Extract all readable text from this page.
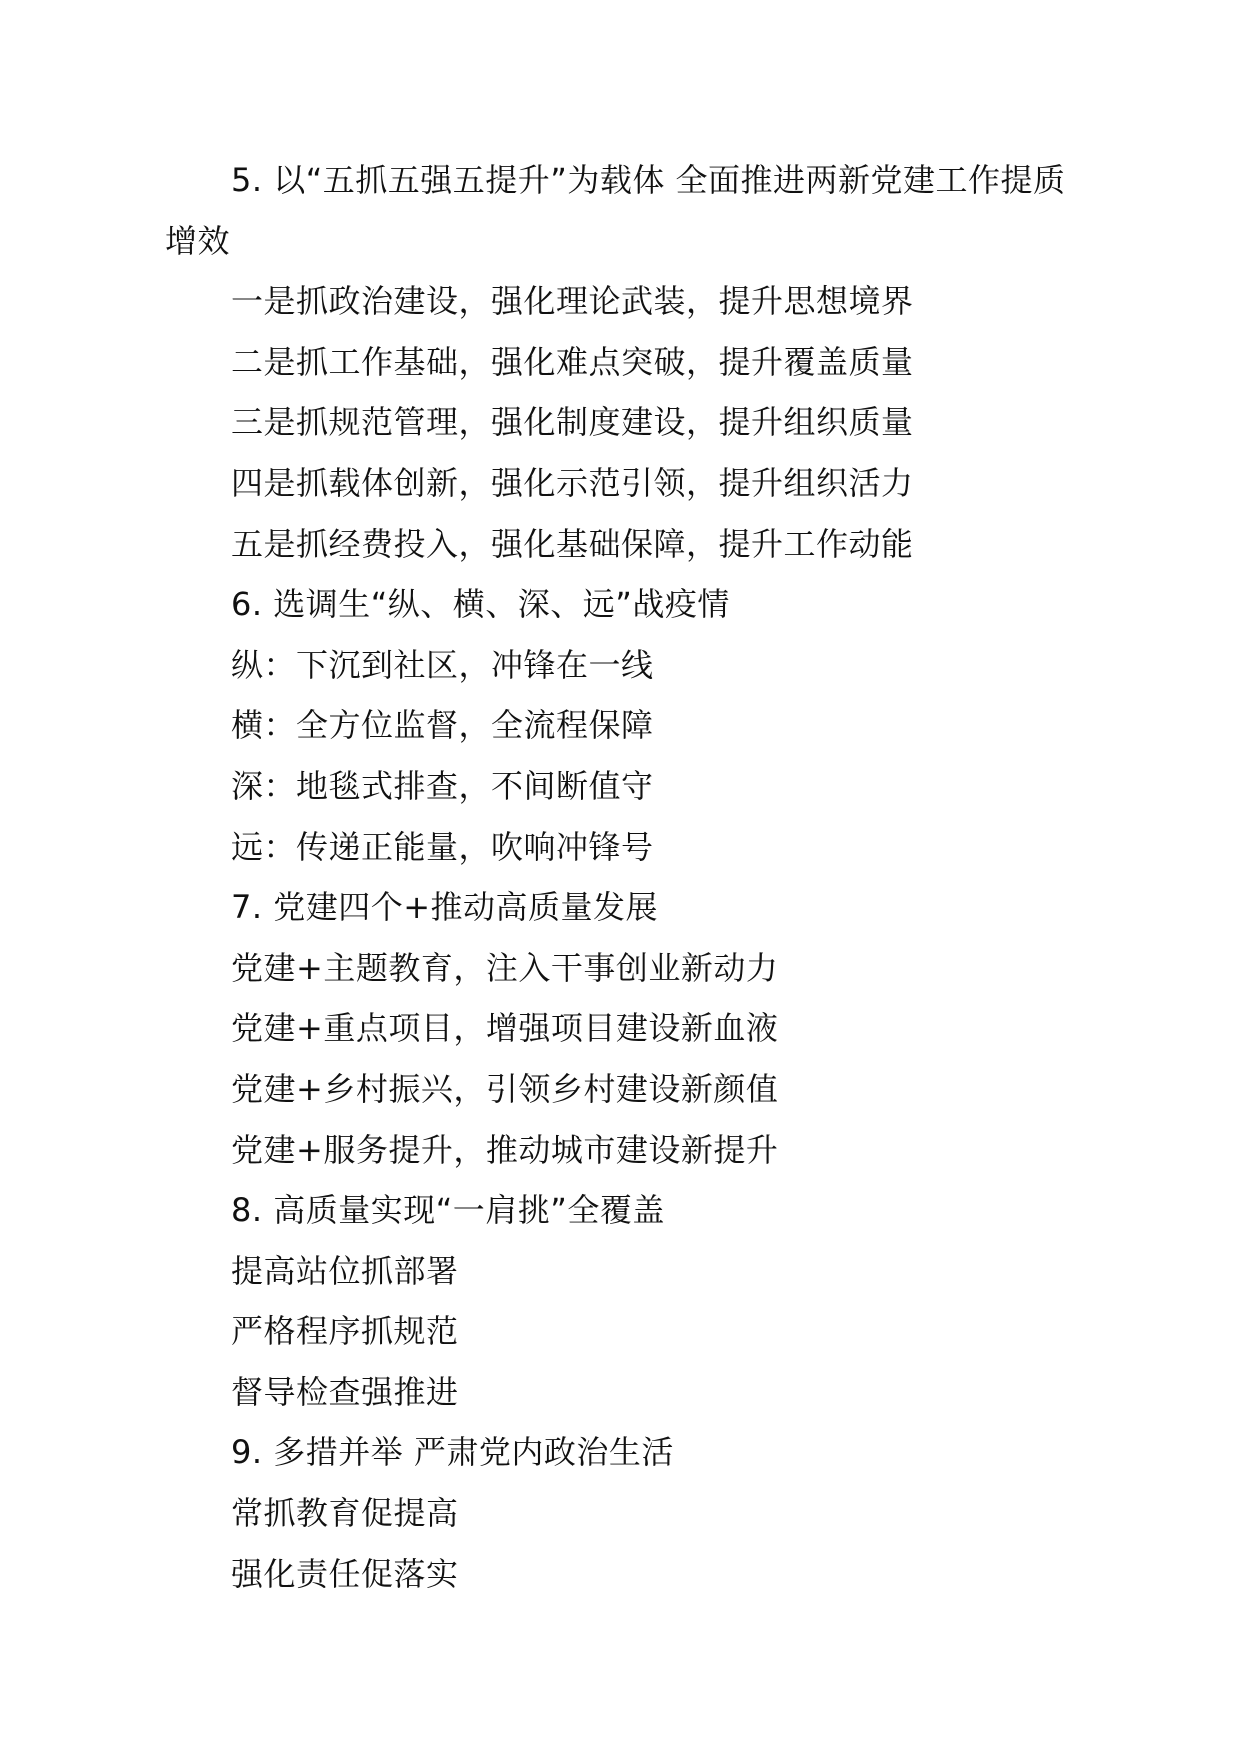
5. 以“五抓五强五提升”为载体 全面推进两新党建工作提质增效
一是抓政治建设，强化理论武装，提升思想境界
二是抓工作基础，强化难点突破，提升覆盖质量
三是抓规范管理，强化制度建设，提升组织质量
四是抓载体创新，强化示范引领，提升组织活力
五是抓经费投入，强化基础保障，提升工作动能
6. 选调生“纵、横、深、远”战疫情
纵：下沉到社区，冲锋在一线
横：全方位监督，全流程保障
深：地毯式排查，不间断值守
远：传递正能量，吹响冲锋号
7. 党建四个+推动高质量发展
党建+主题教育，注入干事创业新动力
党建+重点项目，增强项目建设新血液
党建+乡村振兴，引领乡村建设新颜值
党建+服务提升，推动城市建设新提升
8. 高质量实现“一肩挑”全覆盖
提高站位抓部署
严格程序抓规范
督导检查强推进
9. 多措并举 严肃党内政治生活
常抓教育促提高
强化责任促落实
